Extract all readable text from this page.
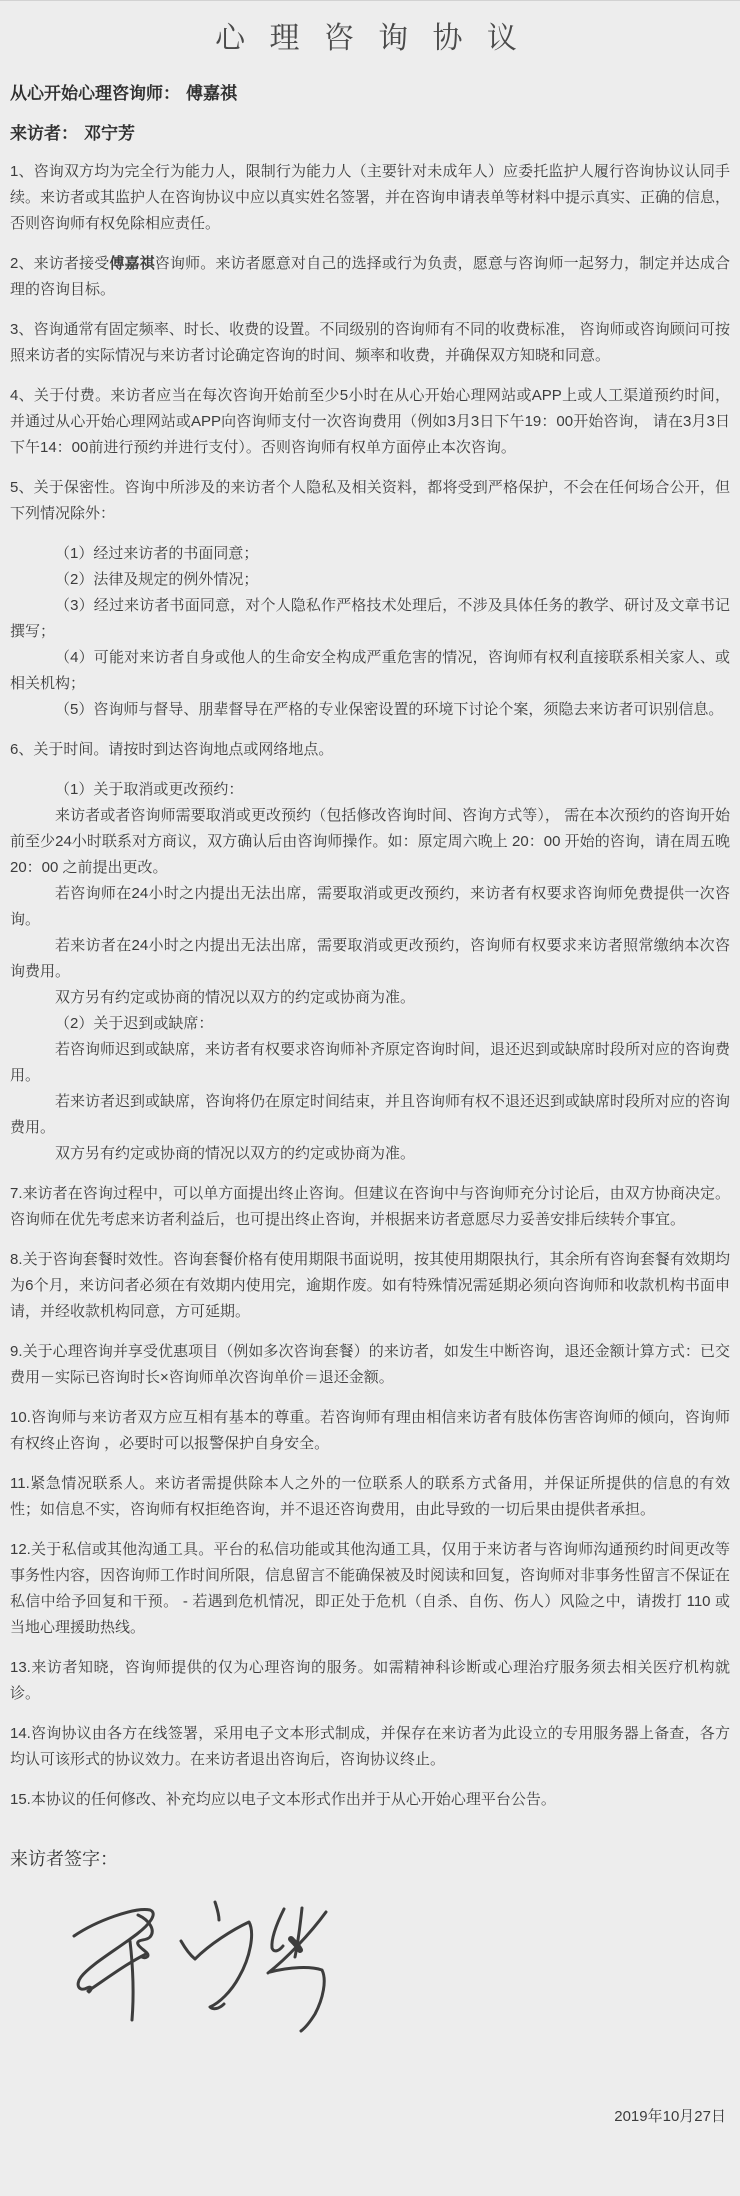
心 理 咨 询 协 议
从心开始心理咨询师： 傅嘉祺
来访者： 邓宁芳

1、咨询双方均为完全行为能力人，限制行为能力人（主要针对未成年人）应委托监护人履行咨询协议认同手续。来访者或其监护人在咨询协议中应以真实姓名签署，并在咨询申请表单等材料中提示真实、正确的信息，否则咨询师有权免除相应责任。

2、来访者接受傅嘉祺咨询师。来访者愿意对自己的选择或行为负责，愿意与咨询师一起努力，制定并达成合理的咨询目标。

3、咨询通常有固定频率、时长、收费的设置。不同级别的咨询师有不同的收费标准， 咨询师或咨询顾问可按照来访者的实际情况与来访者讨论确定咨询的时间、频率和收费，并确保双方知晓和同意。

4、关于付费。来访者应当在每次咨询开始前至少5小时在从心开始心理网站或APP上或人工渠道预约时间，并通过从心开始心理网站或APP向咨询师支付一次咨询费用（例如3月3日下午19：00开始咨询， 请在3月3日下午14：00前进行预约并进行支付）。否则咨询师有权单方面停止本次咨询。

5、关于保密性。咨询中所涉及的来访者个人隐私及相关资料，都将受到严格保护，不会在任何场合公开，但下列情况除外：

（1）经过来访者的书面同意；

（2）法律及规定的例外情况；

（3）经过来访者书面同意，对个人隐私作严格技术处理后，不涉及具体任务的教学、研讨及文章书记撰写；

（4）可能对来访者自身或他人的生命安全构成严重危害的情况，咨询师有权利直接联系相关家人、或相关机构；

（5）咨询师与督导、朋辈督导在严格的专业保密设置的环境下讨论个案，须隐去来访者可识别信息。

6、关于时间。请按时到达咨询地点或网络地点。

（1）关于取消或更改预约：

来访者或者咨询师需要取消或更改预约（包括修改咨询时间、咨询方式等）， 需在本次预约的咨询开始前至少24小时联系对方商议，双方确认后由咨询师操作。如：原定周六晚上 20：00 开始的咨询，请在周五晚 20：00 之前提出更改。

若咨询师在24小时之内提出无法出席，需要取消或更改预约，来访者有权要求咨询师免费提供一次咨询。

若来访者在24小时之内提出无法出席，需要取消或更改预约，咨询师有权要求来访者照常缴纳本次咨询费用。

双方另有约定或协商的情况以双方的约定或协商为准。

（2）关于迟到或缺席：

若咨询师迟到或缺席，来访者有权要求咨询师补齐原定咨询时间，退还迟到或缺席时段所对应的咨询费用。

若来访者迟到或缺席，咨询将仍在原定时间结束，并且咨询师有权不退还迟到或缺席时段所对应的咨询费用。

双方另有约定或协商的情况以双方的约定或协商为准。

7.来访者在咨询过程中，可以单方面提出终止咨询。但建议在咨询中与咨询师充分讨论后，由双方协商决定。咨询师在优先考虑来访者利益后，也可提出终止咨询，并根据来访者意愿尽力妥善安排后续转介事宜。

8.关于咨询套餐时效性。咨询套餐价格有使用期限书面说明，按其使用期限执行，其余所有咨询套餐有效期均为6个月，来访问者必须在有效期内使用完，逾期作废。如有特殊情况需延期必须向咨询师和收款机构书面申请，并经收款机构同意，方可延期。

9.关于心理咨询并享受优惠项目（例如多次咨询套餐）的来访者，如发生中断咨询，退还金额计算方式：已交费用－实际已咨询时长×咨询师单次咨询单价＝退还金额。

10.咨询师与来访者双方应互相有基本的尊重。若咨询师有理由相信来访者有肢体伤害咨询师的倾向，咨询师有权终止咨询 ，必要时可以报警保护自身安全。

11.紧急情况联系人。来访者需提供除本人之外的一位联系人的联系方式备用，并保证所提供的信息的有效性；如信息不实，咨询师有权拒绝咨询，并不退还咨询费用，由此导致的一切后果由提供者承担。

12.关于私信或其他沟通工具。平台的私信功能或其他沟通工具，仅用于来访者与咨询师沟通预约时间更改等事务性内容，因咨询师工作时间所限，信息留言不能确保被及时阅读和回复，咨询师对非事务性留言不保证在私信中给予回复和干预。 - 若遇到危机情况，即正处于危机（自杀、自伤、伤人）风险之中，请拨打 110 或当地心理援助热线。

13.来访者知晓，咨询师提供的仅为心理咨询的服务。如需精神科诊断或心理治疗服务须去相关医疗机构就诊。

14.咨询协议由各方在线签署，采用电子文本形式制成，并保存在来访者为此设立的专用服务器上备查，各方均认可该形式的协议效力。在来访者退出咨询后，咨询协议终止。

15.本协议的任何修改、补充均应以电子文本形式作出并于从心开始心理平台公告。

来访者签字：
2019年10月27日
